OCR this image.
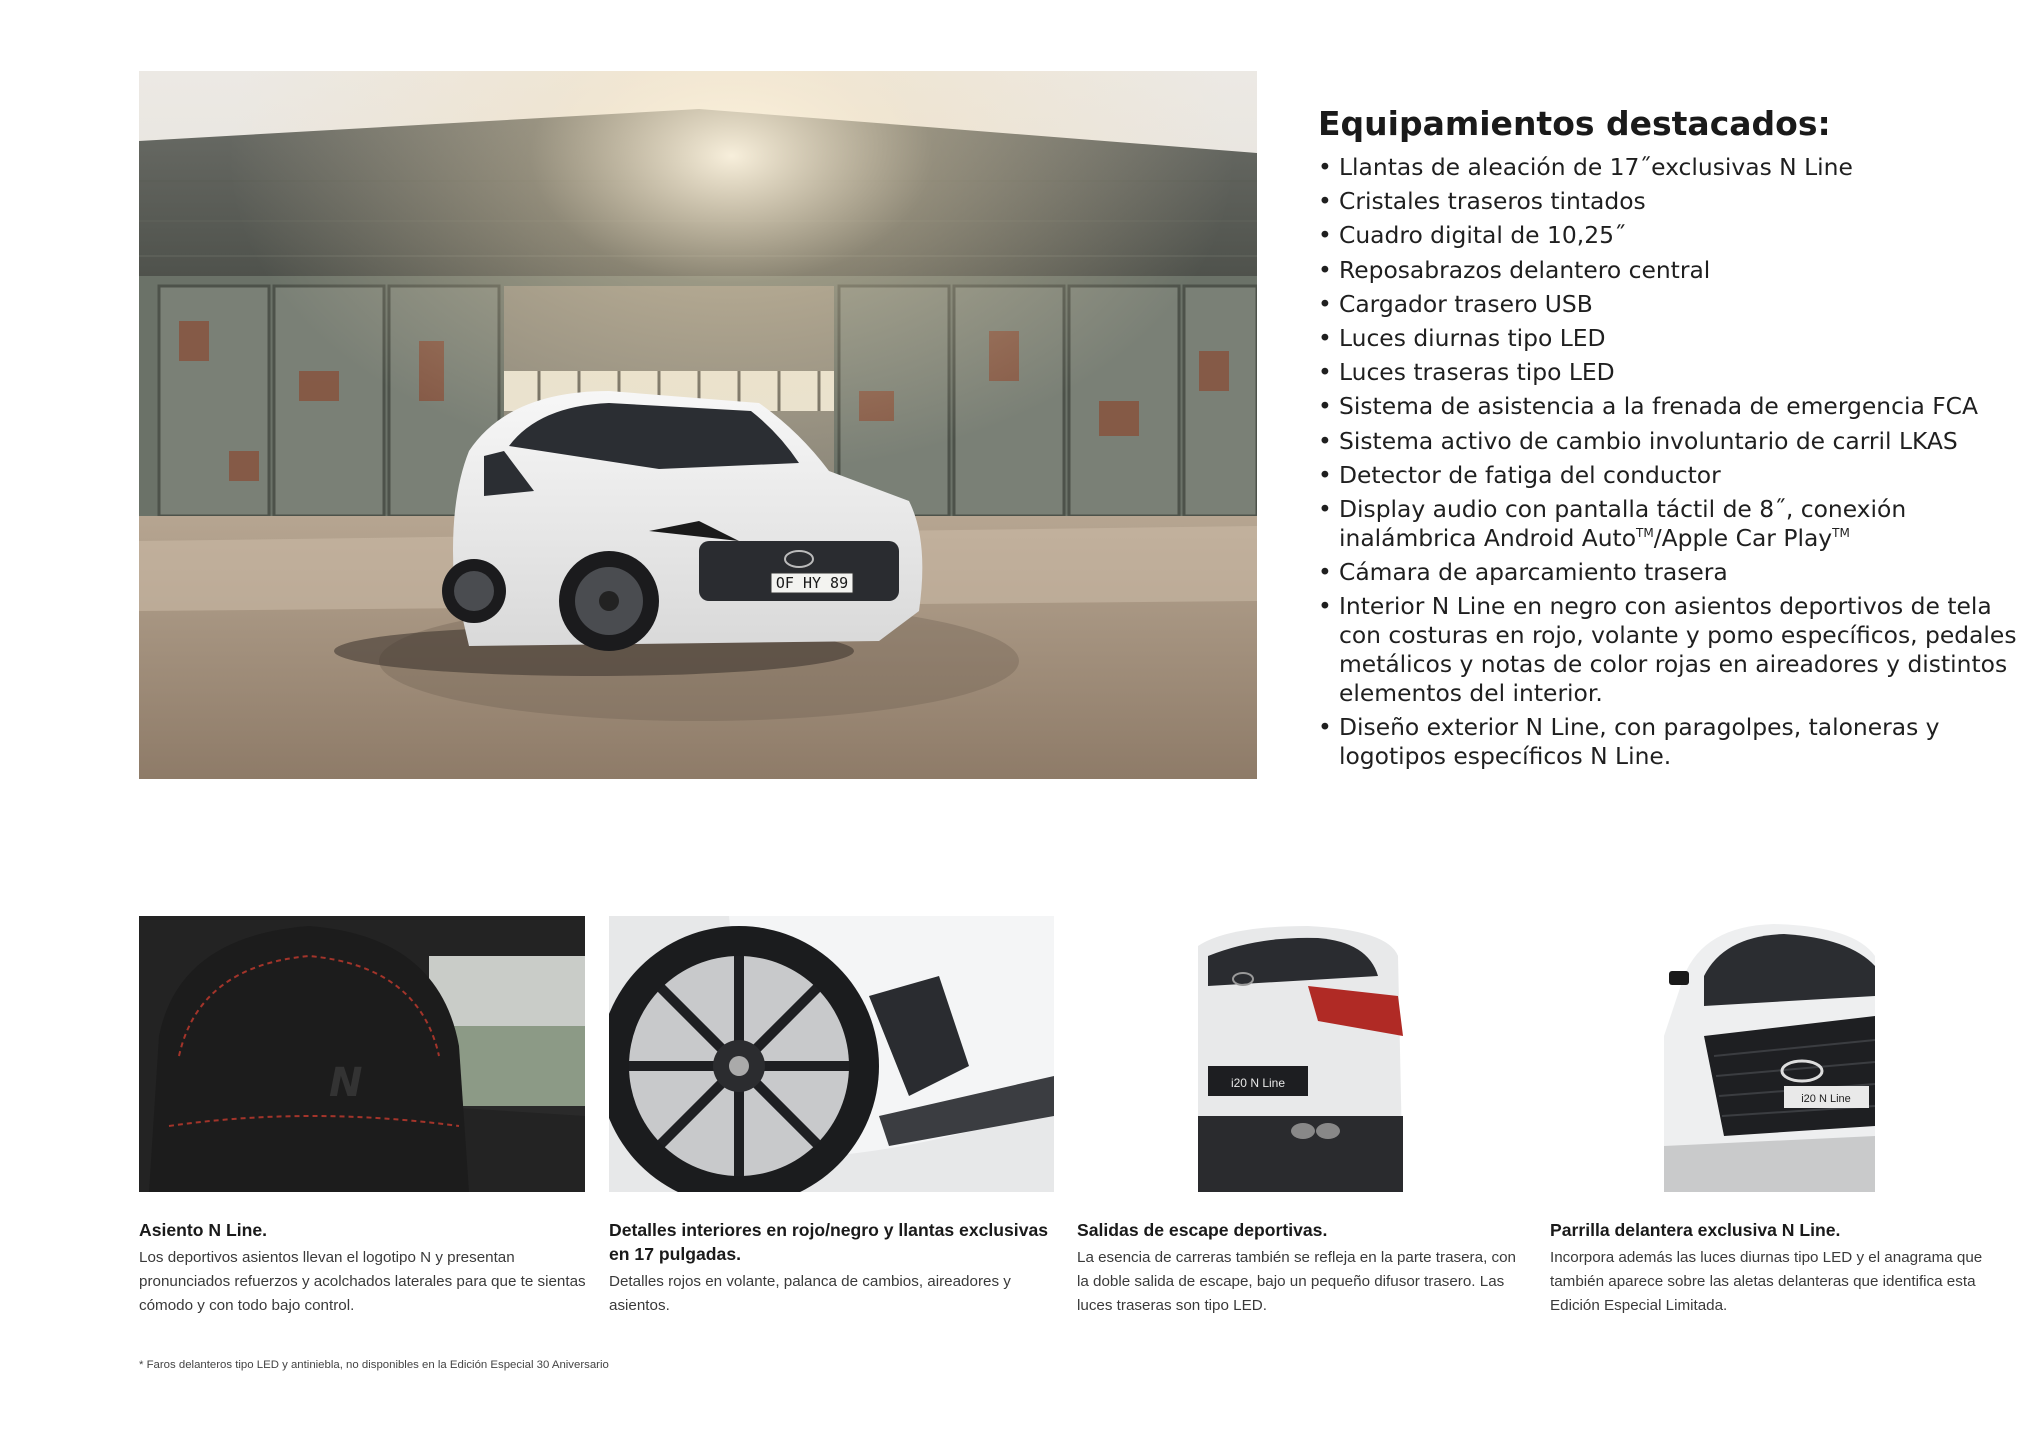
OF HY 89
Equipamientos destacados:
• Llantas de aleación de 17˝exclusivas N Line
• Cristales traseros tintados
• Cuadro digital de 10,25˝
• Reposabrazos delantero central
• Cargador trasero USB
• Luces diurnas tipo LED
• Luces traseras tipo LED
• Sistema de asistencia a la frenada de emergencia FCA
• Sistema activo de cambio involuntario de carril LKAS
• Detector de fatiga del conductor
• Display audio con pantalla táctil de 8˝, conexión inalámbrica Android Auto™/Apple Car Play™
• Cámara de aparcamiento trasera
• Interior N Line en negro con asientos deportivos de tela con costuras en rojo, volante y pomo específicos, pedales metálicos y notas de color rojas en aireadores y distintos elementos del interior.
• Diseño exterior N Line, con paragolpes, taloneras y logotipos específicos N Line.
N	i20 N Line
i20 N Line

Asiento N Line.

Los deportivos asientos llevan el logotipo N y presentan pronunciados refuerzos y acolchados laterales para que te sientas cómodo y con todo bajo control.

Detalles interiores en rojo/negro y llantas exclusivas en 17 pulgadas.

Detalles rojos en volante, palanca de cambios, aireadores y asientos.

Salidas de escape deportivas.

La esencia de carreras también se refleja en la parte trasera, con la doble salida de escape, bajo un pequeño difusor trasero. Las luces traseras son tipo LED.

Parrilla delantera exclusiva N Line.

Incorpora además las luces diurnas tipo LED y el anagrama que también aparece sobre las aletas delanteras que identifica esta Edición Especial Limitada.

* Faros delanteros tipo LED y antiniebla, no disponibles en la Edición Especial 30 Aniversario
